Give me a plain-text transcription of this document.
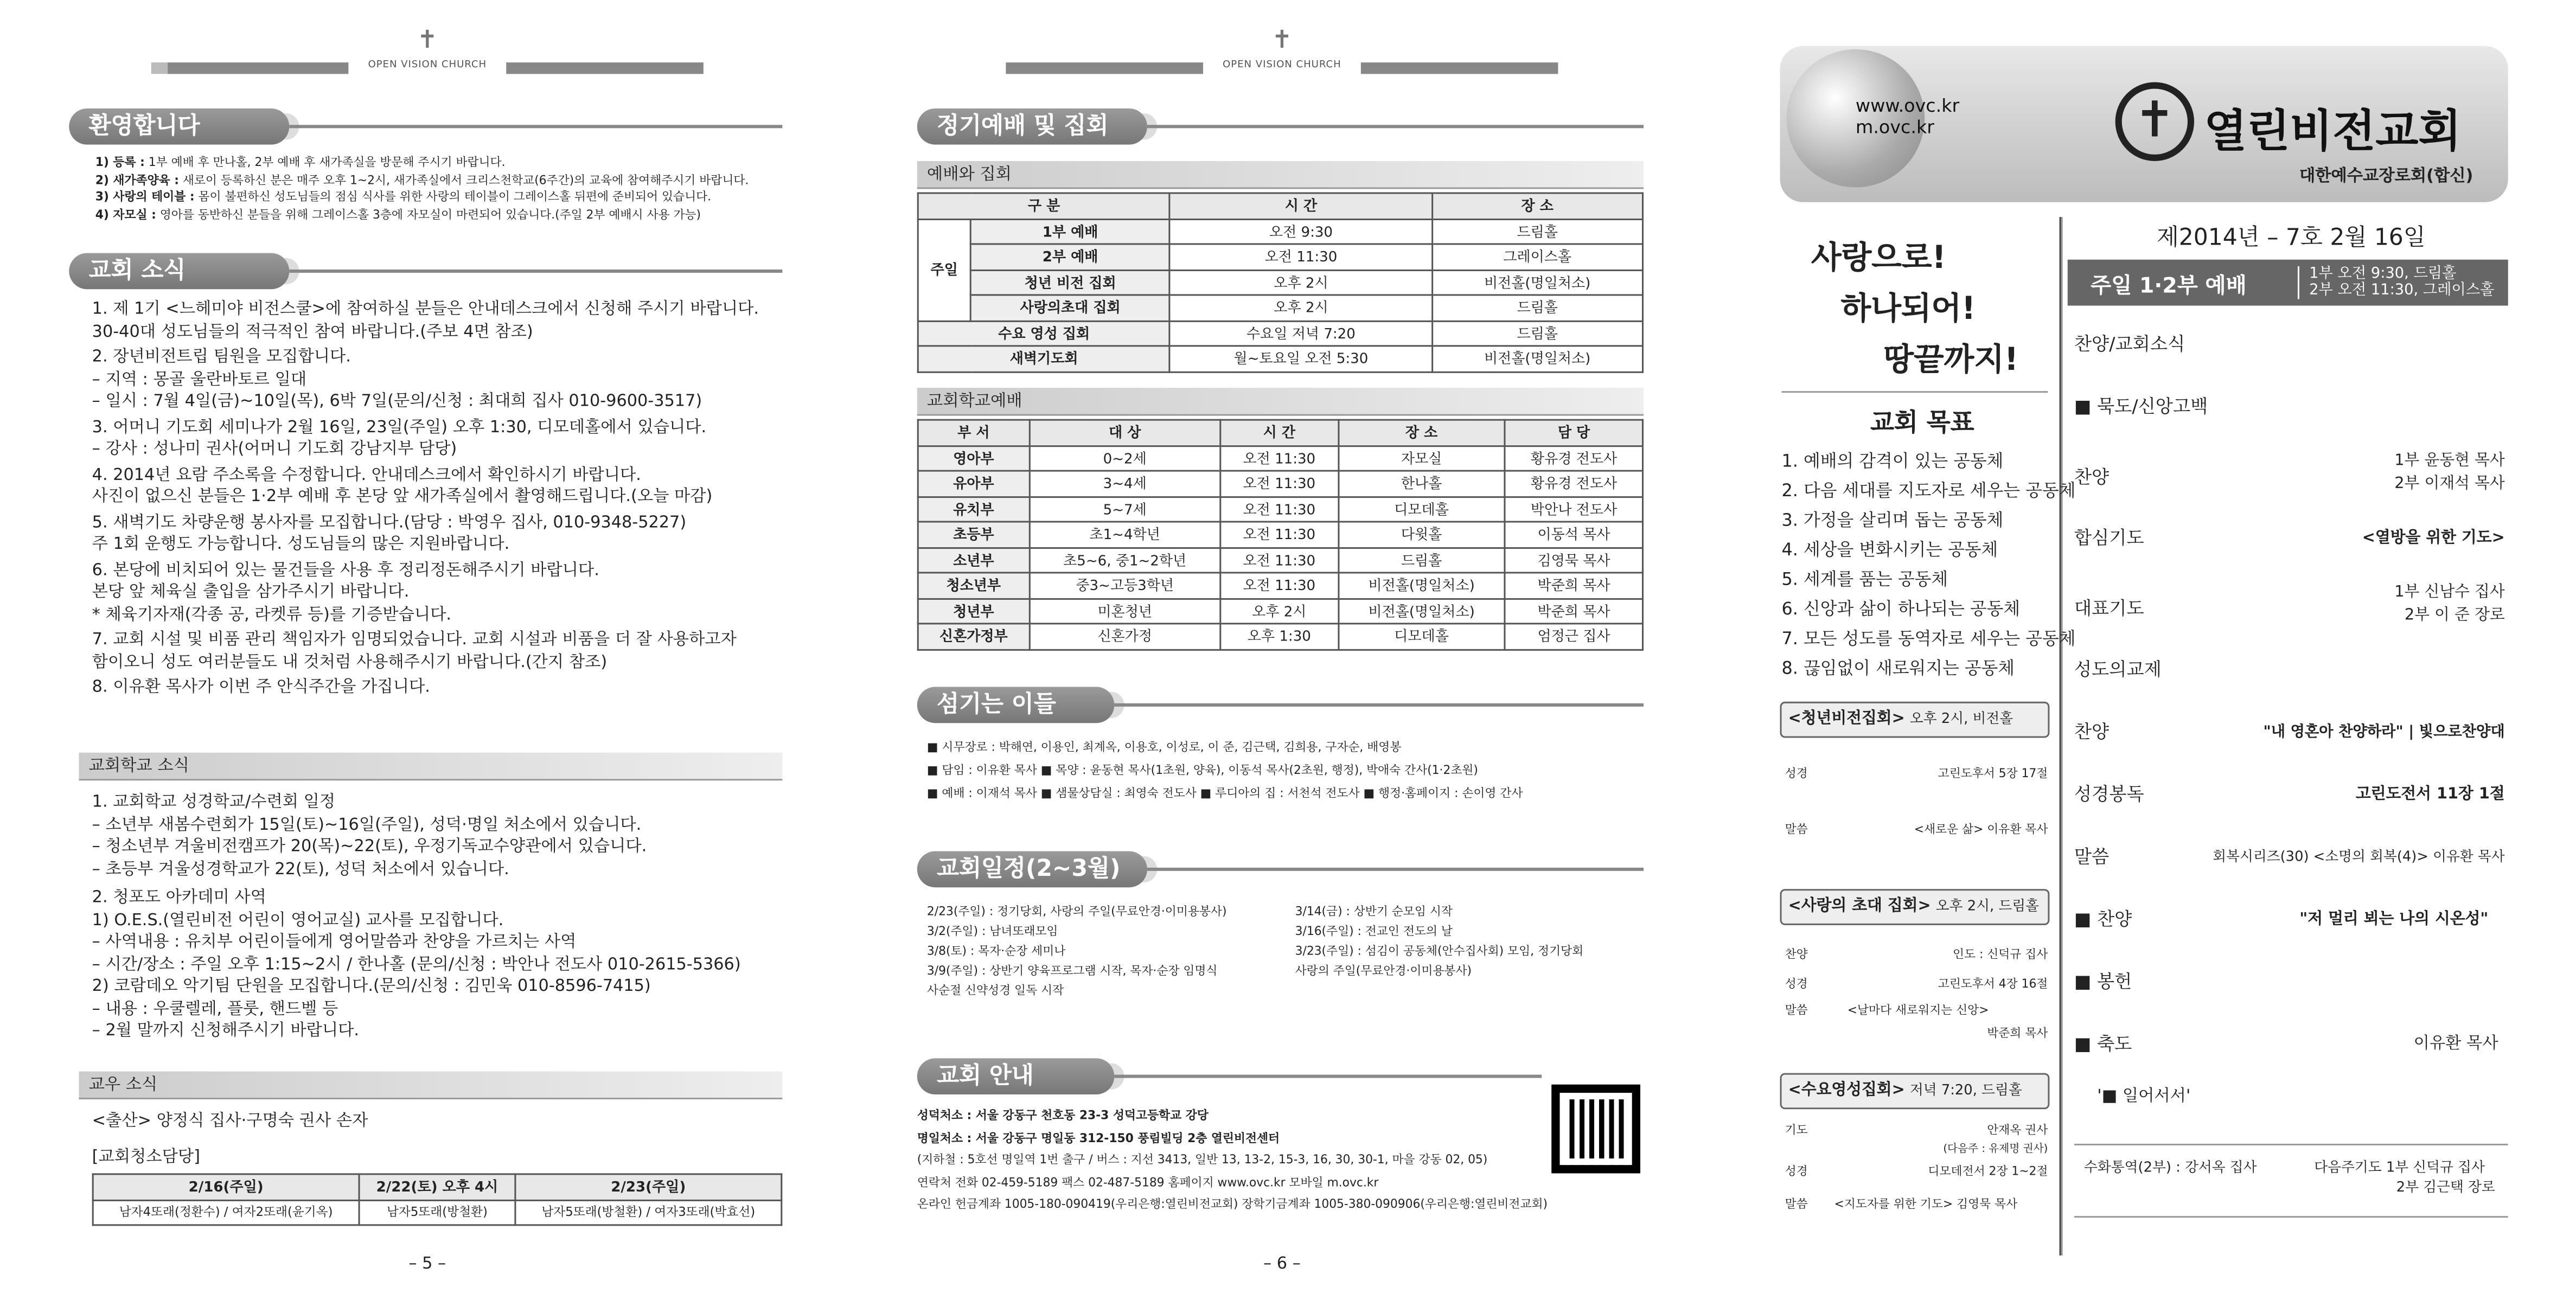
✝
OPEN VISION CHURCH
환영합니다
1) 등록 : 1부 예배 후 만나홀, 2부 예배 후 새가족실을 방문해 주시기 바랍니다.
2) 새가족양육 : 새로이 등록하신 분은 매주 오후 1~2시, 새가족실에서 크리스천학교(6주간)의 교육에 참여해주시기 바랍니다.
3) 사랑의 테이블 : 몸이 불편하신 성도님들의 점심 식사를 위한 사랑의 테이블이 그레이스홀 뒤편에 준비되어 있습니다.
4) 자모실 : 영아를 동반하신 분들을 위해 그레이스홀 3층에 자모실이 마련되어 있습니다.(주일 2부 예배시 사용 가능)
교회 소식
1. 제 1기 <느헤미야 비전스쿨>에 참여하실 분들은 안내데스크에서 신청해 주시기 바랍니다.
30-40대 성도님들의 적극적인 참여 바랍니다.(주보 4면 참조)
2. 장년비전트립 팀원을 모집합니다.
– 지역 : 몽골 울란바토르 일대
– 일시 : 7월 4일(금)~10일(목), 6박 7일(문의/신청 : 최대희 집사 010-9600-3517)
3. 어머니 기도회 세미나가 2월 16일, 23일(주일) 오후 1:30, 디모데홀에서 있습니다.
– 강사 : 성나미 권사(어머니 기도회 강남지부 담당)
4. 2014년 요람 주소록을 수정합니다. 안내데스크에서 확인하시기 바랍니다.
사진이 없으신 분들은 1·2부 예배 후 본당 앞 새가족실에서 촬영해드립니다.(오늘 마감)
5. 새벽기도 차량운행 봉사자를 모집합니다.(담당 : 박영우 집사, 010-9348-5227)
주 1회 운행도 가능합니다. 성도님들의 많은 지원바랍니다.
6. 본당에 비치되어 있는 물건들을 사용 후 정리정돈해주시기 바랍니다.
본당 앞 체육실 출입을 삼가주시기 바랍니다.
* 체육기자재(각종 공, 라켓류 등)를 기증받습니다.
7. 교회 시설 및 비품 관리 책임자가 임명되었습니다. 교회 시설과 비품을 더 잘 사용하고자
함이오니 성도 여러분들도 내 것처럼 사용해주시기 바랍니다.(간지 참조)
8. 이유환 목사가 이번 주 안식주간을 가집니다.
교회학교 소식
1. 교회학교 성경학교/수련회 일정
– 소년부 새봄수련회가 15일(토)~16일(주일), 성덕·명일 처소에서 있습니다.
– 청소년부 겨울비전캠프가 20(목)~22(토), 우정기독교수양관에서 있습니다.
– 초등부 겨울성경학교가 22(토), 성덕 처소에서 있습니다.
2. 청포도 아카데미 사역
1) O.E.S.(열린비전 어린이 영어교실) 교사를 모집합니다.
– 사역내용 : 유치부 어린이들에게 영어말씀과 찬양을 가르치는 사역
– 시간/장소 : 주일 오후 1:15~2시 / 한나홀 (문의/신청 : 박안나 전도사 010-2615-5366)
2) 코람데오 악기팀 단원을 모집합니다.(문의/신청 : 김민욱 010-8596-7415)
– 내용 : 우쿨렐레, 플룻, 핸드벨 등
– 2월 말까지 신청해주시기 바랍니다.
교우 소식
<출산> 양정식 집사·구명숙 권사 손자
[교회청소담당]
2/16(주일)	2/22(토) 오후 4시	2/23(주일)
남자4또래(정환수) / 여자2또래(윤기옥)	남자5또래(방철환)	남자5또래(방철환) / 여자3또래(박효선)
– 5 –
✝
OPEN VISION CHURCH
정기예배 및 집회
예배와 집회
구 분		시 간	장 소
주일	1부 예배	오전 9:30	드림홀
	2부 예배	오전 11:30	그레이스홀
	청년 비전 집회	오후 2시	비전홀(명일처소)
	사랑의초대 집회	오후 2시	드림홀
수요 영성 집회		수요일 저녁 7:20	드림홀
새벽기도회		월~토요일 오전 5:30	비전홀(명일처소)
교회학교예배
부 서	대 상	시 간	장 소	담 당
영아부	0~2세	오전 11:30	자모실	황유경 전도사
유아부	3~4세	오전 11:30	한나홀	황유경 전도사
유치부	5~7세	오전 11:30	디모데홀	박안나 전도사
초등부	초1~4학년	오전 11:30	다윗홀	이동석 목사
소년부	초5~6, 중1~2학년	오전 11:30	드림홀	김영묵 목사
청소년부	중3~고등3학년	오전 11:30	비전홀(명일처소)	박준희 목사
청년부	미혼청년	오후 2시	비전홀(명일처소)	박준희 목사
신혼가정부	신혼가정	오후 1:30	디모데홀	엄정근 집사
섬기는 이들
■ 시무장로 : 박해연, 이용인, 최계옥, 이용호, 이성로, 이 준, 김근택, 김희용, 구자순, 배영봉
■ 담임 : 이유환 목사 ■ 목양 : 윤동현 목사(1초원, 양육), 이동석 목사(2초원, 행정), 박애숙 간사(1·2초원)
■ 예배 : 이재석 목사 ■ 샘물상담실 : 최영숙 전도사 ■ 루디아의 집 : 서천석 전도사 ■ 행정·홈페이지 : 손이영 간사
교회일정(2~3월)
2/23(주일) : 정기당회, 사랑의 주일(무료안경·이미용봉사)
3/2(주일) : 남녀또래모임
3/8(토) : 목자·순장 세미나
3/9(주일) : 상반기 양육프로그램 시작, 목자·순장 임명식
사순절 신약성경 일독 시작
3/14(금) : 상반기 순모임 시작
3/16(주일) : 전교인 전도의 날
3/23(주일) : 섬김이 공동체(안수집사회) 모임, 정기당회
사랑의 주일(무료안경·이미용봉사)
교회 안내
성덕처소 : 서울 강동구 천호동 23-3 성덕고등학교 강당
명일처소 : 서울 강동구 명일동 312-150 풍림빌딩 2층 열린비전센터
(지하철 : 5호선 명일역 1번 출구 / 버스 : 지선 3413, 일반 13, 13-2, 15-3, 16, 30, 30-1, 마을 강동 02, 05)
연락처 전화 02-459-5189 팩스 02-487-5189 홈페이지 www.ovc.kr 모바일 m.ovc.kr
온라인 헌금계좌 1005-180-090419(우리은행:열린비전교회) 장학기금계좌 1005-380-090906(우리은행:열린비전교회)
– 6 –
www.ovc.kr
m.ovc.kr	✝	열린비전교회
대한예수교장로회(합신)
사랑으로!
하나되어!
땅끝까지!
교회 목표
1. 예배의 감격이 있는 공동체
2. 다음 세대를 지도자로 세우는 공동체
3. 가정을 살리며 돕는 공동체
4. 세상을 변화시키는 공동체
5. 세계를 품는 공동체
6. 신앙과 삶이 하나되는 공동체
7. 모든 성도를 동역자로 세우는 공동체
8. 끊임없이 새로워지는 공동체
<청년비전집회> 오후 2시, 비전홀
성경	고린도후서 5장 17절
말씀	<새로운 삶> 이유환 목사
<사랑의 초대 집회> 오후 2시, 드림홀
찬양	인도 : 신덕규 집사
성경	고린도후서 4장 16절
말씀	<날마다 새로워지는 신앙>
박준희 목사
<수요영성집회> 저녁 7:20, 드림홀
기도	안재옥 권사
(다음주 : 유제명 권사)
성경	디모데전서 2장 1~2절
말씀	<지도자를 위한 기도> 김영묵 목사
제2014년 – 7호 2월 16일
주일 1·2부 예배
1부 오전 9:30, 드림홀
2부 오전 11:30, 그레이스홀
찬양/교회소식
■ 묵도/신앙고백
찬양
1부 윤동현 목사
2부 이재석 목사
합심기도	<열방을 위한 기도>
대표기도
1부 신남수 집사
2부 이 준 장로
성도의교제
찬양	"내 영혼아 찬양하라" | 빛으로찬양대
성경봉독	고린도전서 11장 1절
말씀	회복시리즈(30) <소명의 회복(4)> 이유환 목사
■ 찬양	"저 멀리 뵈는 나의 시온성"
■ 봉헌
■ 축도	이유환 목사
'■ 일어서서'
수화통역(2부) : 강서옥 집사	다음주기도 1부 신덕규 집사
2부 김근택 장로
